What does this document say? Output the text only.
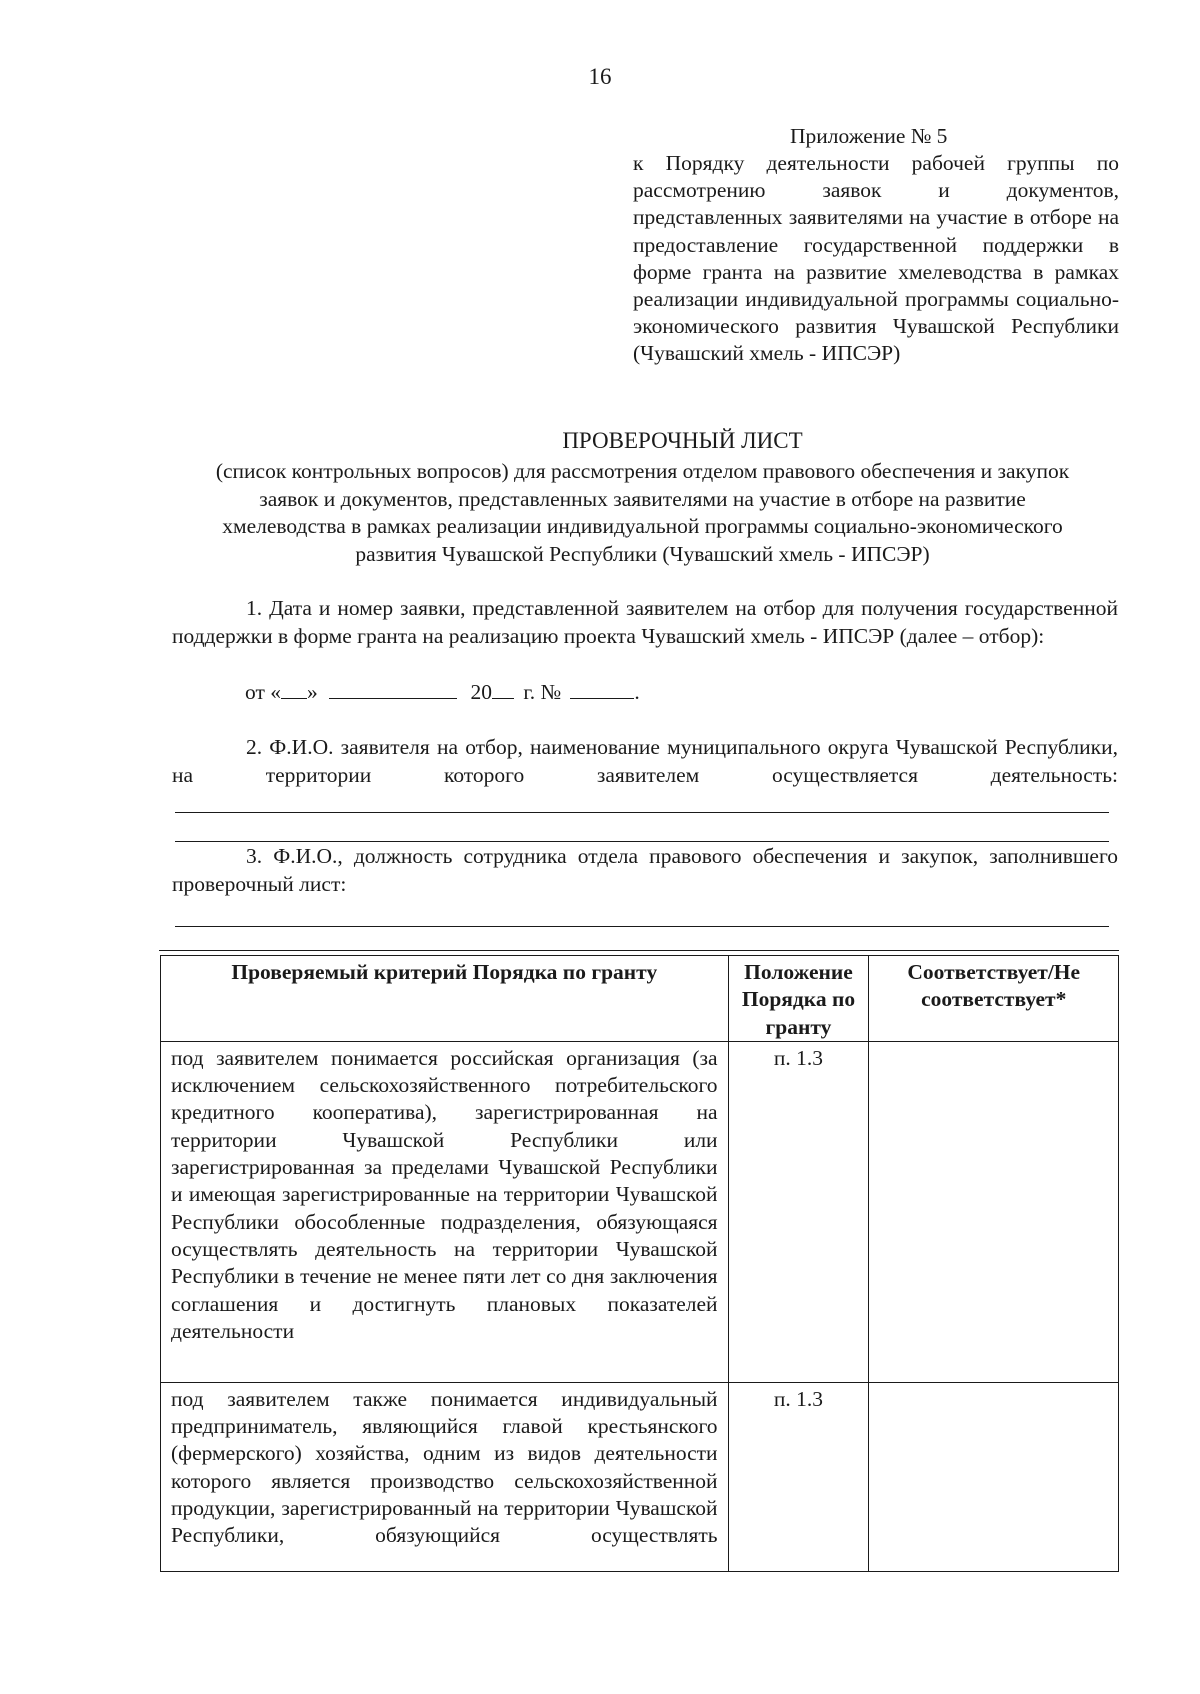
16
Приложение № 5
к Порядку деятельности рабочей группы по рассмотрению заявок и документов, представленных заявителями на участие в отборе на предоставление государственной поддержки в форме гранта на развитие хмелеводства в рамках реализации индивидуальной программы социально-экономического развития Чувашской Республики (Чувашский хмель - ИПСЭР)
ПРОВЕРОЧНЫЙ ЛИСТ
(список контрольных вопросов) для рассмотрения отделом правового обеспечения и закупок заявок и документов, представленных заявителями на участие в отборе на развитие хмелеводства в рамках реализации индивидуальной программы социально-экономического развития Чувашской Республики (Чувашский хмель - ИПСЭР)
1. Дата и номер заявки, представленной заявителем на отбор для получения государственной поддержки в форме гранта на реализацию проекта Чувашский хмель - ИПСЭР (далее – отбор):
от « »	20 г. №	.
2. Ф.И.О. заявителя на отбор, наименование муниципального округа Чувашской Республики, на территории которого заявителем осуществляется деятельность:
3. Ф.И.О., должность сотрудника отдела правового обеспечения и закупок, заполнившего проверочный лист:
Проверяемый критерий Порядка по гранту	Положение Порядка по гранту	Соответствует/Не соответствует*

под заявителем понимается российская организация (за исключением сельскохозяйственного потребительского кредитного кооператива), зарегистрированная на территории Чувашской Республики или зарегистрированная за пределами Чувашской Республики и имеющая зарегистрированные на территории Чувашской Республики обособленные подразделения, обязующаяся осуществлять деятельность на территории Чувашской Республики в течение не менее пяти лет со дня заключения соглашения и достигнуть плановых показателей деятельности	п. 1.3	

под заявителем также понимается индивидуальный предприниматель, являющийся главой крестьянского (фермерского) хозяйства, одним из видов деятельности которого является производство сельскохозяйственной продукции, зарегистрированный на территории Чувашской Республики, обязующийся осуществлять	п. 1.3	
